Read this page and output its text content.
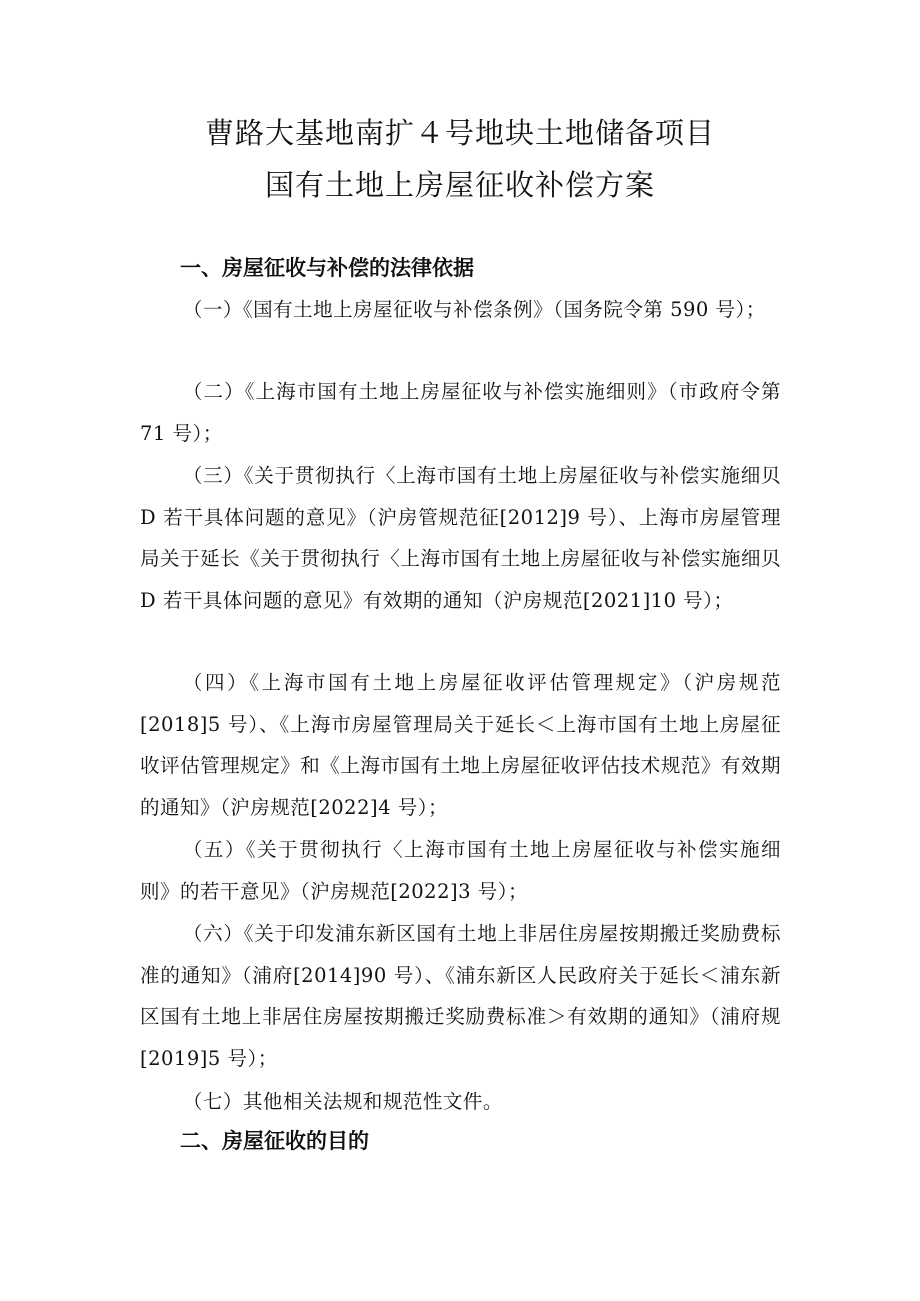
曹路大基地南扩４号地块土地储备项目
国有土地上房屋征收补偿方案
一、房屋征收与补偿的法律依据

（一）《国有土地上房屋征收与补偿条例》（国务院令第 590 号）；

（二）《上海市国有土地上房屋征收与补偿实施细则》（市政府令第 71 号）；

（三）《关于贯彻执行〈上海市国有土地上房屋征收与补偿实施细贝 D 若干具体问题的意见》（沪房管规范征[2012]9 号）、上海市房屋管理局关于延长《关于贯彻执行〈上海市国有土地上房屋征收与补偿实施细贝 D 若干具体问题的意见》有效期的通知（沪房规范[2021]10 号）；

（四）《上海市国有土地上房屋征收评估管理规定》（沪房规范[2018]5 号）、《上海市房屋管理局关于延长＜上海市国有土地上房屋征收评估管理规定》和《上海市国有土地上房屋征收评估技术规范》有效期的通知》（沪房规范[2022]4 号）；

（五）《关于贯彻执行〈上海市国有土地上房屋征收与补偿实施细则》的若干意见》（沪房规范[2022]3 号）；

（六）《关于印发浦东新区国有土地上非居住房屋按期搬迁奖励费标准的通知》（浦府[2014]90 号）、《浦东新区人民政府关于延长＜浦东新区国有土地上非居住房屋按期搬迁奖励费标准＞有效期的通知》（浦府规[2019]5 号）；

（七）其他相关法规和规范性文件。

二、房屋征收的目的
